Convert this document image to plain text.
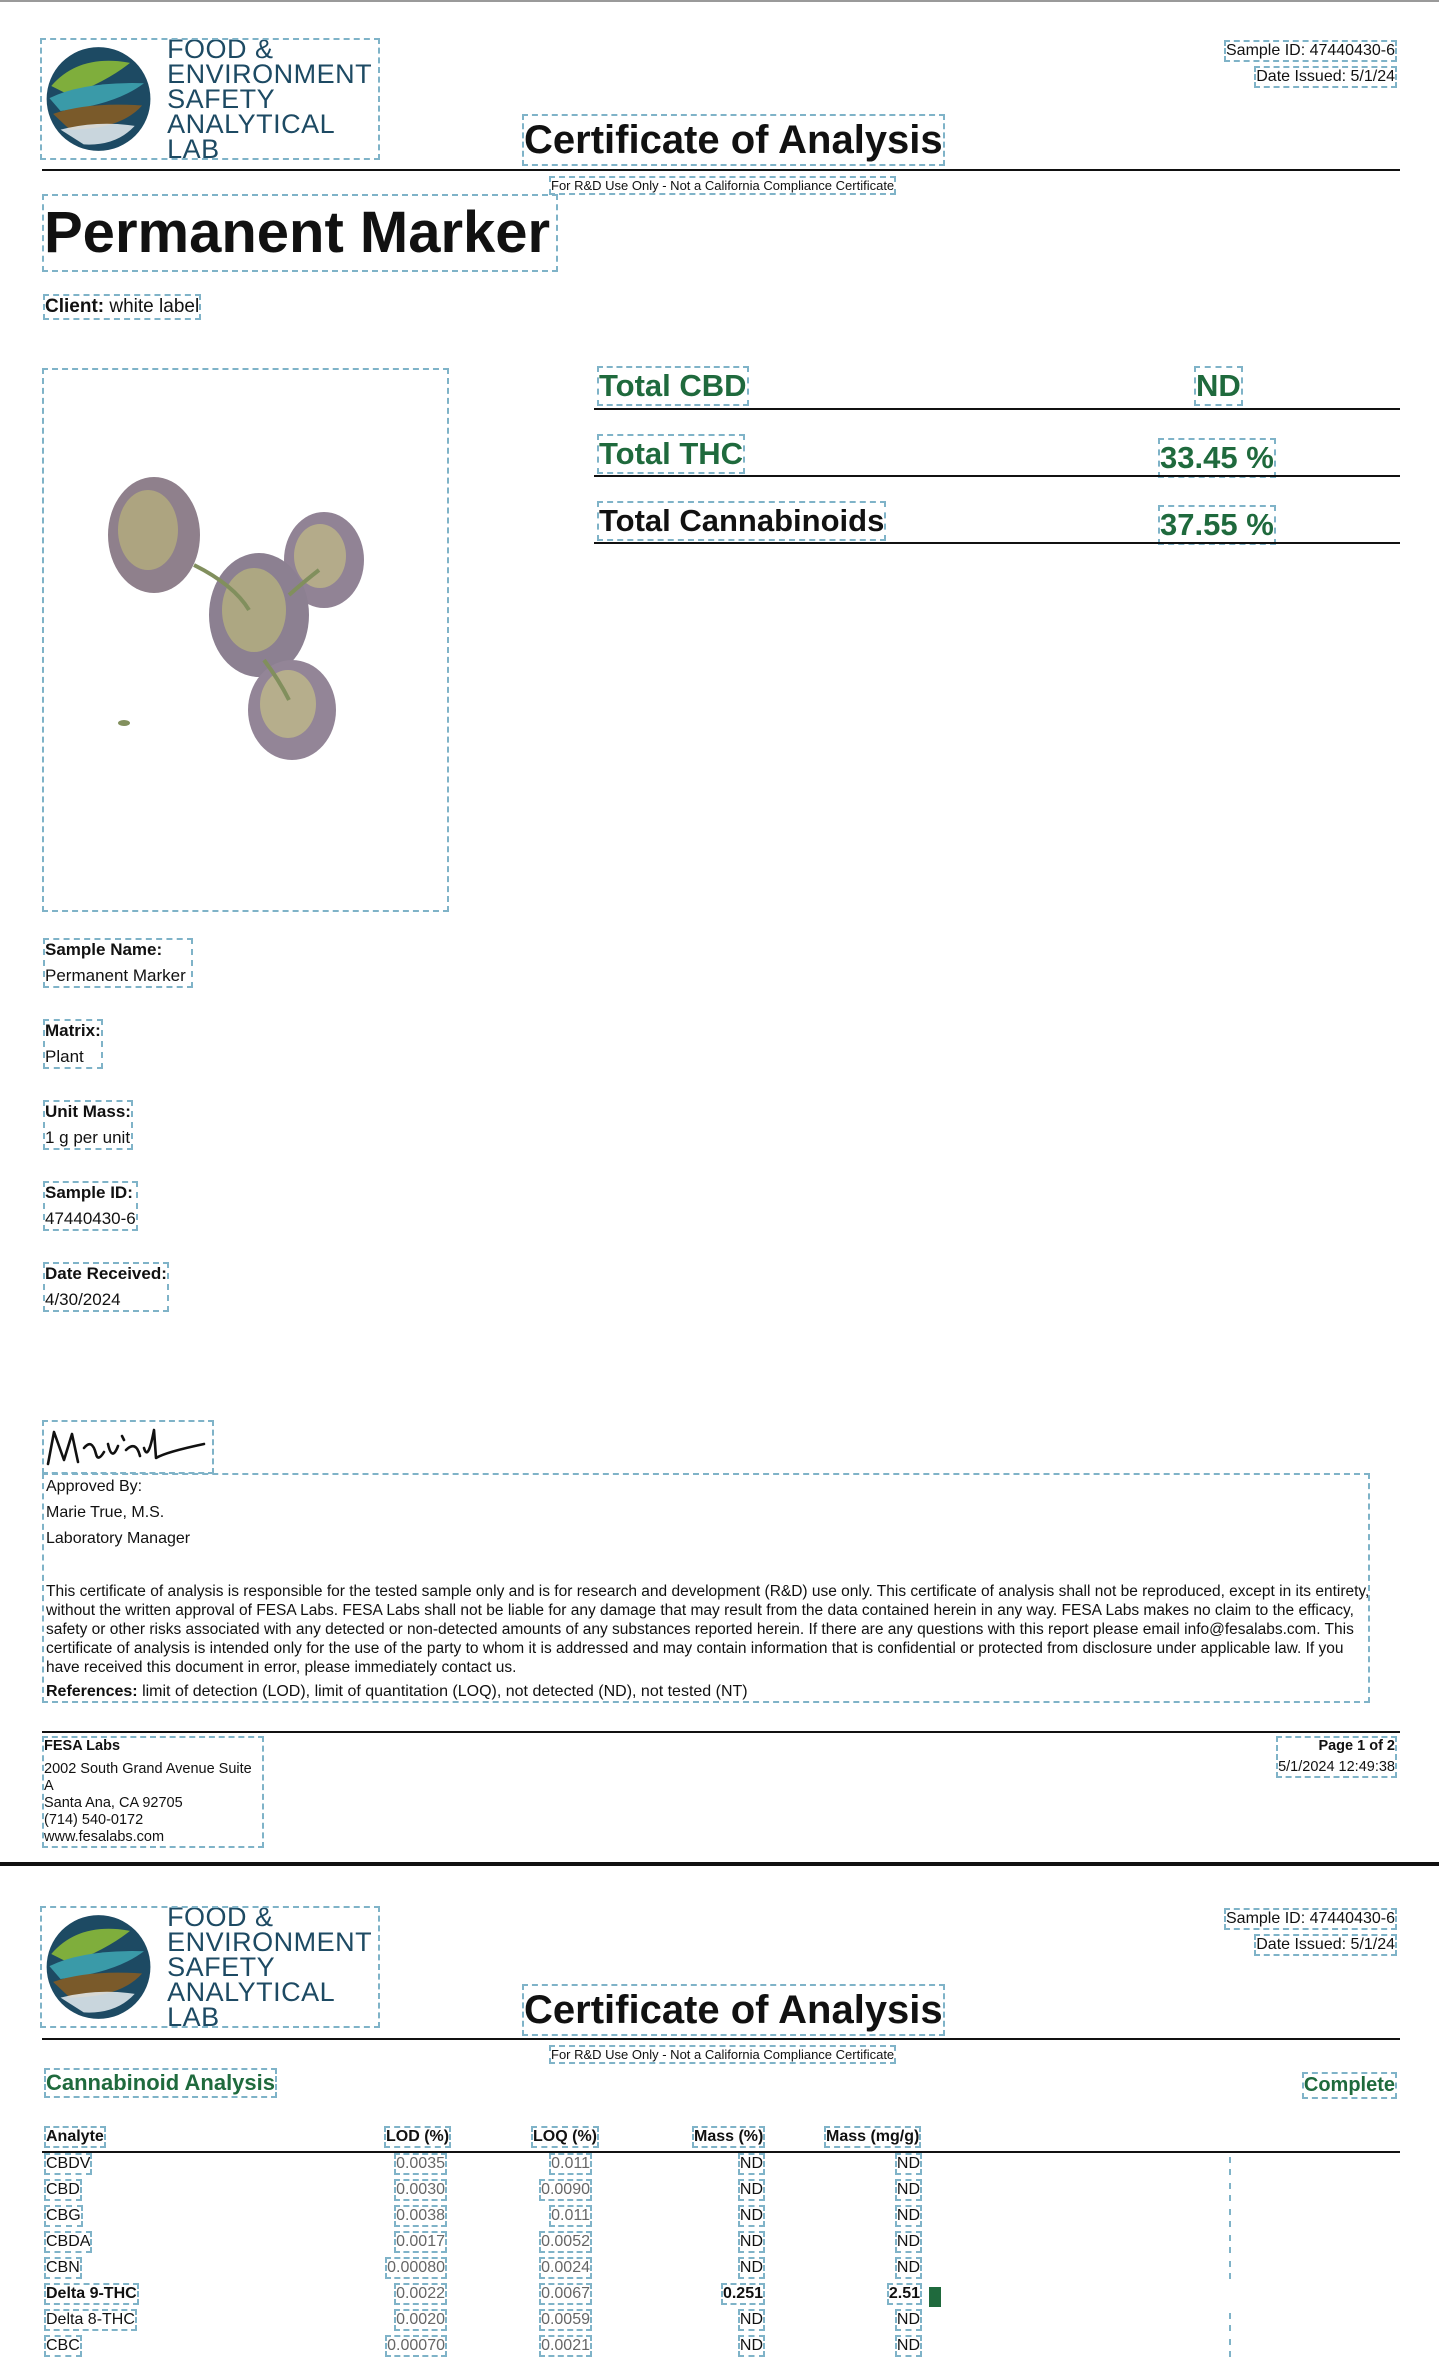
FOOD &
ENVIRONMENT
SAFETY
ANALYTICAL LAB	Certificate of Analysis
For R&D Use Only - Not a California Compliance Certificate
Sample ID: 47440430-6
Date Issued: 5/1/24
Permanent Marker
Client: white label
Total CBD	ND
Total THC	33.45 %
Total Cannabinoids	37.55 %
Sample Name:
Permanent Marker
Matrix:
Plant
Unit Mass:
1 g per unit
Sample ID:
47440430-6
Date Received:
4/30/2024
Approved By:
Marie True, M.S.
Laboratory Manager
This certificate of analysis is responsible for the tested sample only and is for research and development (R&D) use only. This certificate of analysis shall not be reproduced, except in its entirety, without the written approval of FESA Labs. FESA Labs shall not be liable for any damage that may result from the data contained herein in any way. FESA Labs makes no claim to the efficacy, safety or other risks associated with any detected or non-detected amounts of any substances reported herein. If there are any questions with this report please email info@fesalabs.com. This certificate of analysis is intended only for the use of the party to whom it is addressed and may contain information that is confidential or protected from disclosure under applicable law. If you have received this document in error, please immediately contact us.
References: limit of detection (LOD), limit of quantitation (LOQ), not detected (ND), not tested (NT)
FESA Labs
2002 South Grand Avenue Suite A
Santa Ana, CA 92705
(714) 540-0172
www.fesalabs.com
Page 1 of 2
5/1/2024 12:49:38
FOOD &
ENVIRONMENT
SAFETY
ANALYTICAL LAB	Certificate of Analysis
For R&D Use Only - Not a California Compliance Certificate
Sample ID: 47440430-6
Date Issued: 5/1/24
Cannabinoid Analysis	Complete
Analyte	LOD (%)	LOQ (%)	Mass (%)	Mass (mg/g)
CBDV	0.0035	0.011	ND	ND
CBD	0.0030	0.0090	ND	ND
CBG	0.0038	0.011	ND	ND
CBDA	0.0017	0.0052	ND	ND
CBN	0.00080	0.0024	ND	ND
Delta 9-THC	0.0022	0.0067	0.251	2.51
Delta 8-THC	0.0020	0.0059	ND	ND
CBC	0.00070	0.0021	ND	ND
